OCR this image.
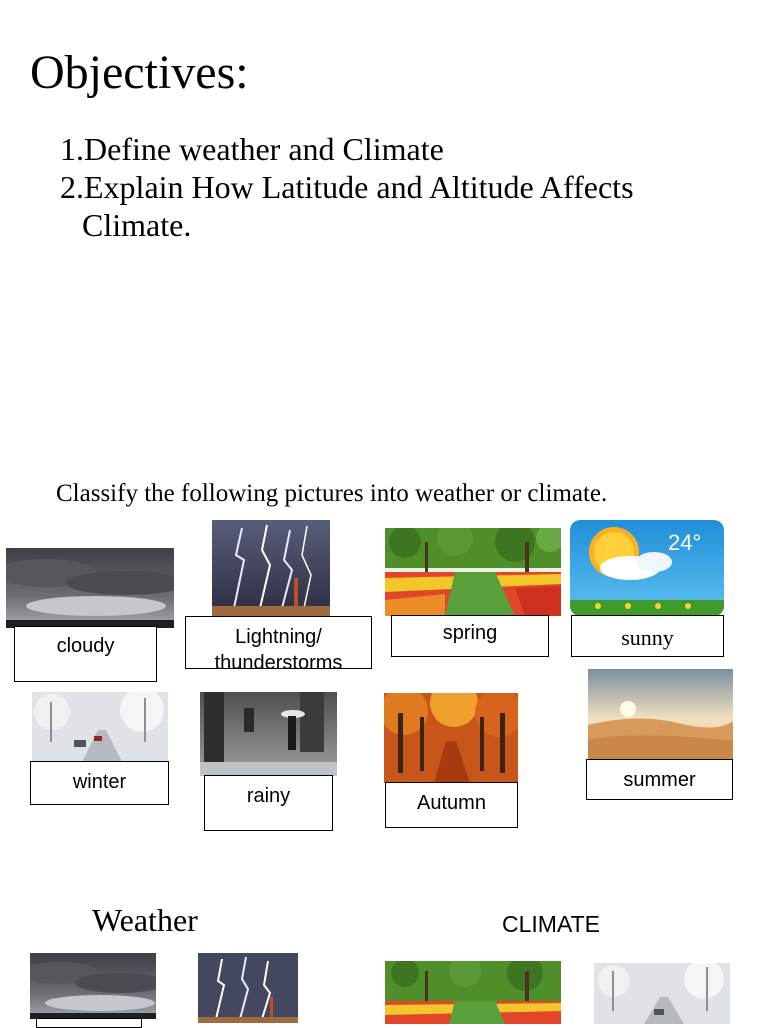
Objectives:
1.Define weather and Climate
2.Explain How Latitude and Altitude Affects
Climate.
Classify the following pictures into weather or climate.
cloudy	Lightning/
thunderstorms
spring
24°
sunny
winter
rainy	Autumn
summer
Weather	CLIMATE
